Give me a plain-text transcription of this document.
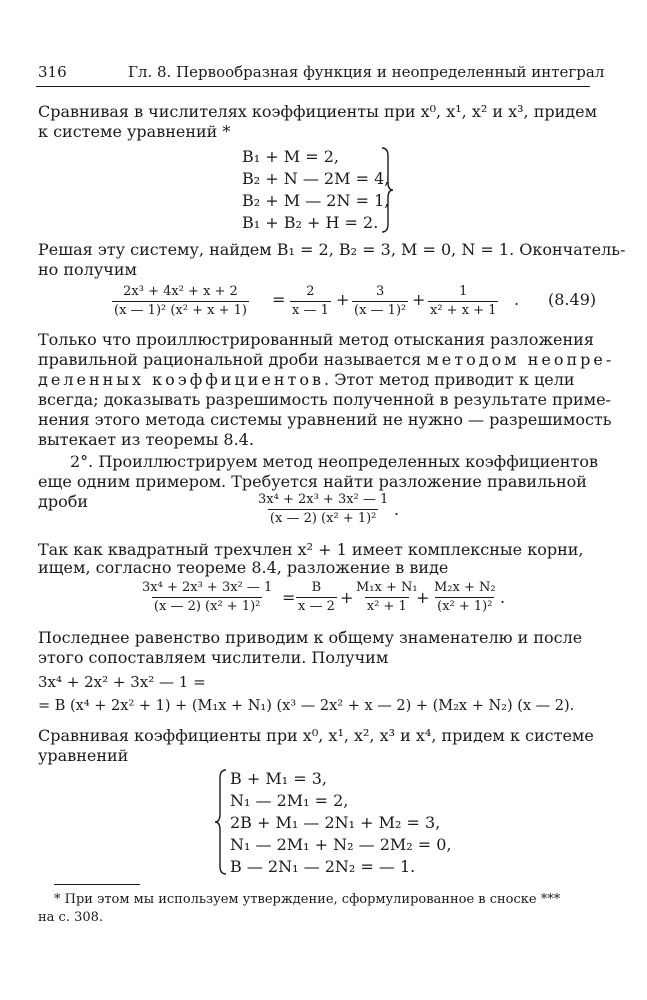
316	Гл. 8. Первообразная функция и неопределенный интеграл
Сравнивая в числителях коэффициенты при x⁰, x¹, x² и x³, придем
к системе уравнений *
B₁ + M = 2,
B₂ + N — 2M = 4,
B₂ + M — 2N = 1,
B₁ + B₂ + H = 2.
Решая эту систему, найдем B₁ = 2, B₂ = 3, M = 0, N = 1. Окончатель-
но получим
$\frac{\text{2x³ + 4x² + x + 2}}{\text{(x — 1)² (x² + x + 1)}} = \frac{2}{x — 1} + \frac{3}{\text{(x — 1)²}} + \frac{1}{\text{x² + x + 1}}$ . (8.49)
Только что проиллюстрированный метод отыскания разложения
правильной рациональной дроби называется методом неопре-
деленных коэффициентов. Этот метод приводит к цели
всегда; доказывать разрешимость полученной в результате приме-
нения этого метода системы уравнений не нужно — разрешимость
вытекает из теоремы 8.4.
2°. Проиллюстрируем метод неопределенных коэффициентов
еще одним примером. Требуется найти разложение правильной
дроби	$\frac{\text{3x⁴ + 2x³ + 3x² — 1}}{\text{(x — 2) (x² + 1)²}}$ .
Так как квадратный трехчлен x² + 1 имеет комплексные корни,
ищем, согласно теореме 8.4, разложение в виде
$\frac{\text{3x⁴ + 2x³ + 3x² — 1}}{\text{(x — 2) (x² + 1)²}} = \frac{B}{x — 2} + \frac{\text{M₁x + N₁}}{\text{x² + 1}}$
+ $\frac{\text{M₂x + N₂}}{\text{(x² + 1)²}}$ .
Последнее равенство приводим к общему знаменателю и после
этого сопоставляем числители. Получим
3x⁴ + 2x² + 3x² — 1 =
= B (x⁴ + 2x² + 1) + (M₁x + N₁) (x³ — 2x² + x — 2) + (M₂x + N₂) (x — 2).
Сравнивая коэффициенты при x⁰, x¹, x², x³ и x⁴, придем к системе
уравнений
B + M₁ = 3,
N₁ — 2M₁ = 2,
2B + M₁ — 2N₁ + M₂ = 3,
N₁ — 2M₁ + N₂ — 2M₂ = 0,
B — 2N₁ — 2N₂ = — 1.
* При этом мы используем утверждение, сформулированное в сноске ***
на с. 308.
